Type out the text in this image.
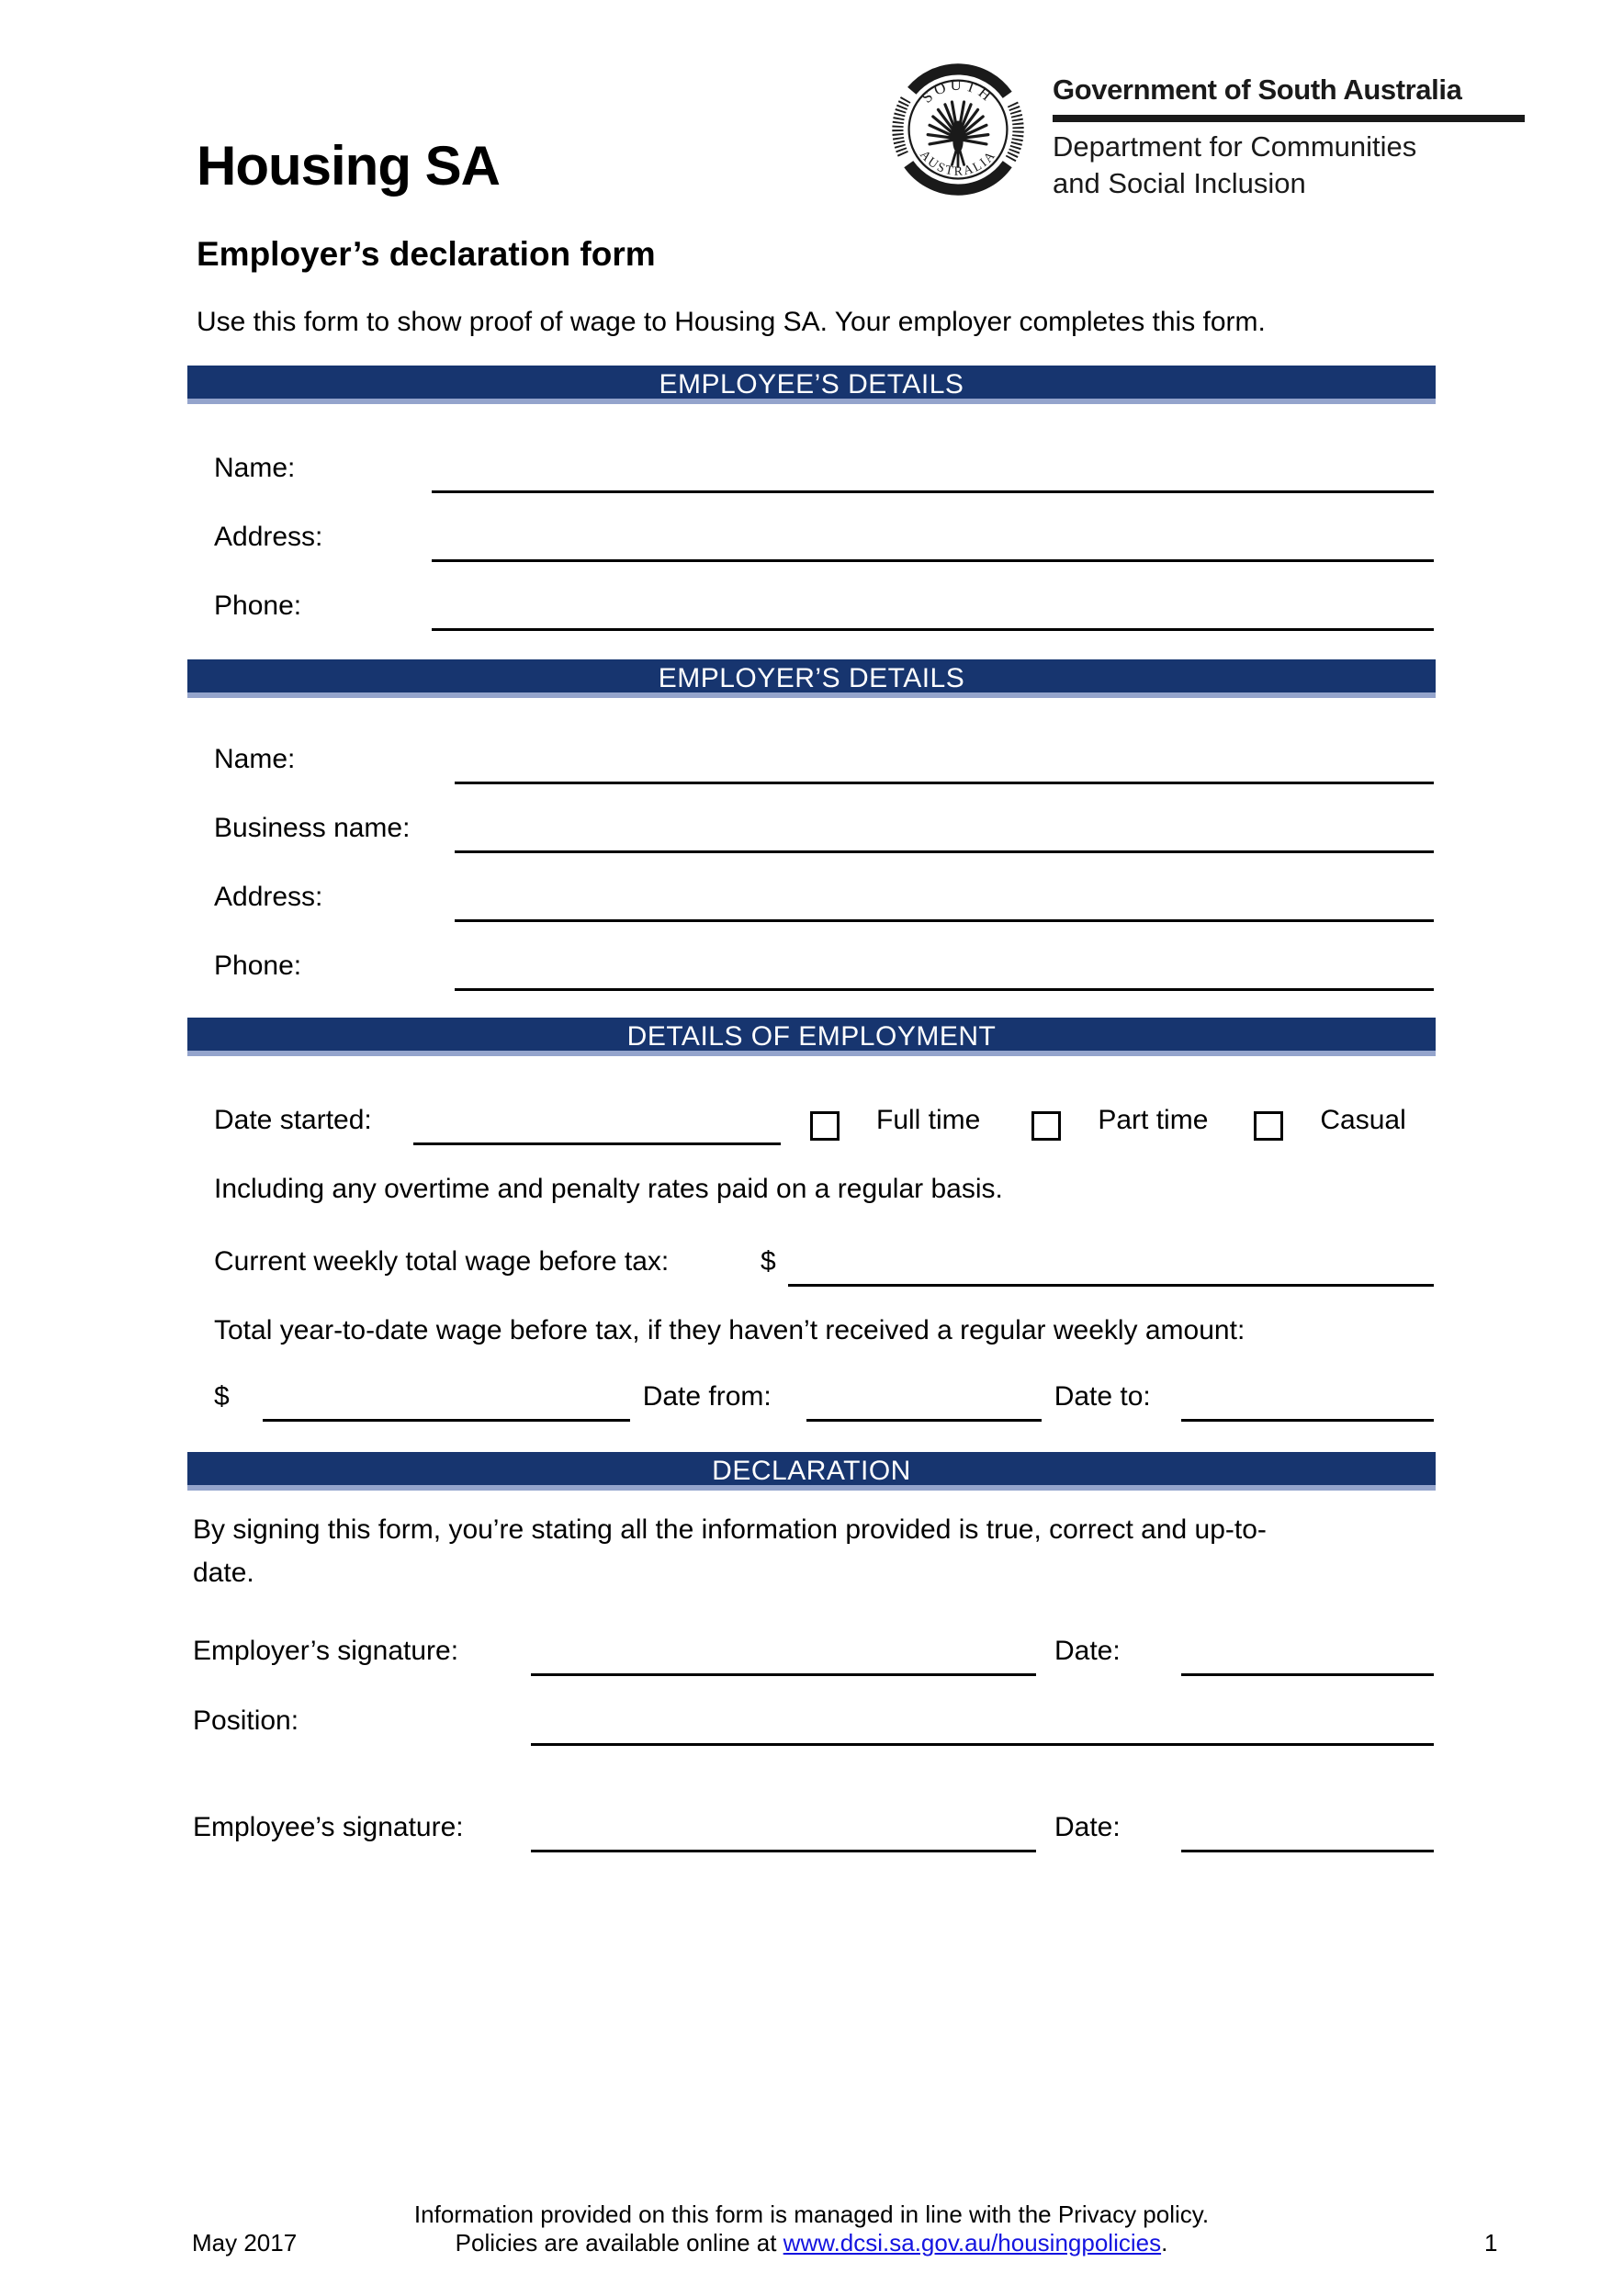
Housing SA
SOUTH
AUSTRALIA
Government of South Australia
Department for Communities
and Social Inclusion
Employer’s declaration form
Use this form to show proof of wage to Housing SA. Your employer completes this form.
EMPLOYEE’S DETAILS
Name:
Address:
Phone:
EMPLOYER’S DETAILS
Name:
Business name:
Address:
Phone:
DETAILS OF EMPLOYMENT
Date started:	Full time	Part time	Casual
Including any overtime and penalty rates paid on a regular basis.
Current weekly total wage before tax:	$
Total year-to-date wage before tax, if they haven’t received a regular weekly amount:
$	Date from:	Date to:
DECLARATION
By signing this form, you’re stating all the information provided is true, correct and up-to-
date.
Employer’s signature:	Date:
Position:
Employee’s signature:	Date:
Information provided on this form is managed in line with the Privacy policy.
Policies are available online at www.dcsi.sa.gov.au/housingpolicies.
May 2017	1
